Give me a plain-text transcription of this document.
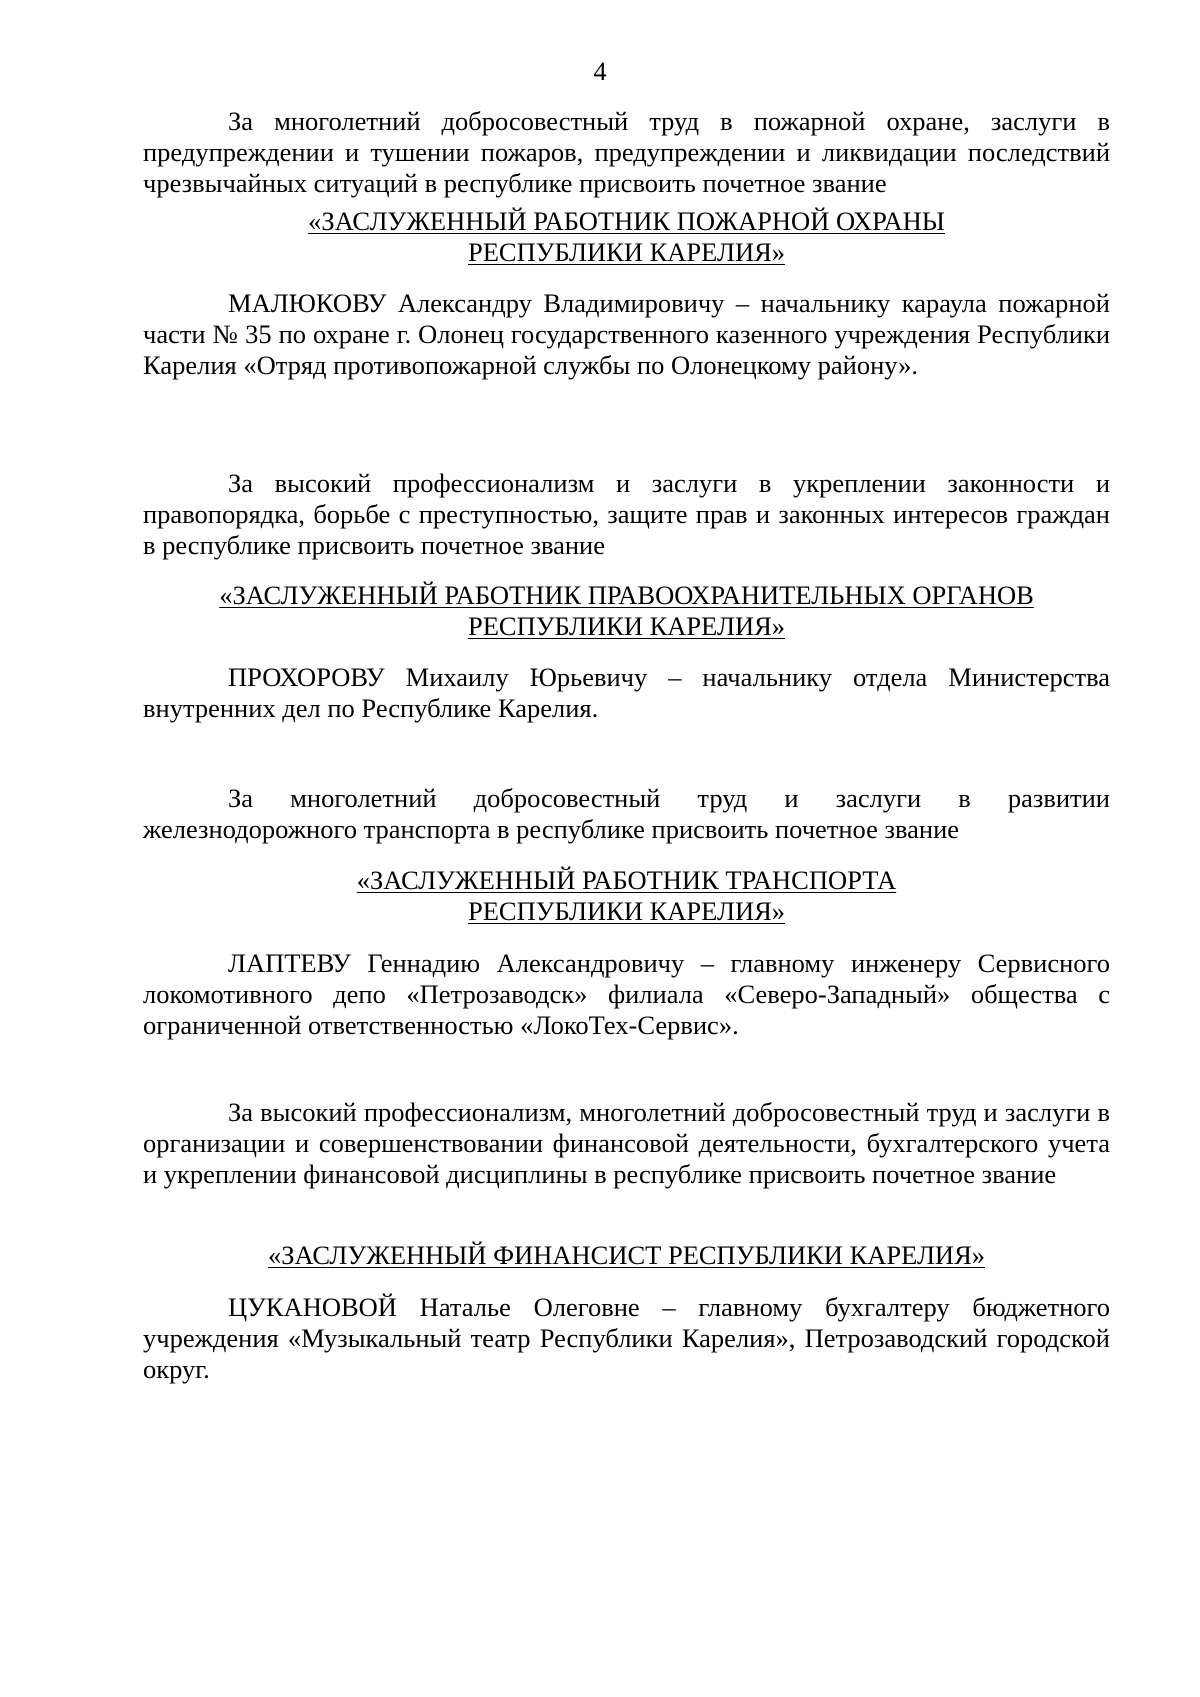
4

За многолетний добросовестный труд в пожарной охране, заслуги в предупреждении и тушении пожаров, предупреждении и ликвидации последствий чрезвычайных ситуаций в республике присвоить почетное звание

«ЗАСЛУЖЕННЫЙ РАБОТНИК ПОЖАРНОЙ ОХРАНЫ
РЕСПУБЛИКИ КАРЕЛИЯ»

МАЛЮКОВУ Александру Владимировичу – начальнику караула пожарной части № 35 по охране г. Олонец государственного казенного учреждения Республики Карелия «Отряд противопожарной службы по Олонецкому району».

За высокий профессионализм и заслуги в укреплении законности и правопорядка, борьбе с преступностью, защите прав и законных интересов граждан в республике присвоить почетное звание

«ЗАСЛУЖЕННЫЙ РАБОТНИК ПРАВООХРАНИТЕЛЬНЫХ ОРГАНОВ
РЕСПУБЛИКИ КАРЕЛИЯ»

ПРОХОРОВУ Михаилу Юрьевичу – начальнику отдела Министерства внутренних дел по Республике Карелия.

За многолетний добросовестный труд и заслуги в развитии железнодорожного транспорта в республике присвоить почетное звание

«ЗАСЛУЖЕННЫЙ РАБОТНИК ТРАНСПОРТА
РЕСПУБЛИКИ КАРЕЛИЯ»

ЛАПТЕВУ Геннадию Александровичу – главному инженеру Сервисного локомотивного депо «Петрозаводск» филиала «Северо-Западный» общества с ограниченной ответственностью «ЛокоТех-Сервис».

За высокий профессионализм, многолетний добросовестный труд и заслуги в организации и совершенствовании финансовой деятельности, бухгалтерского учета и укреплении финансовой дисциплины в республике присвоить почетное звание

«ЗАСЛУЖЕННЫЙ ФИНАНСИСТ РЕСПУБЛИКИ КАРЕЛИЯ»

ЦУКАНОВОЙ Наталье Олеговне – главному бухгалтеру бюджетного учреждения «Музыкальный театр Республики Карелия», Петрозаводский городской округ.
